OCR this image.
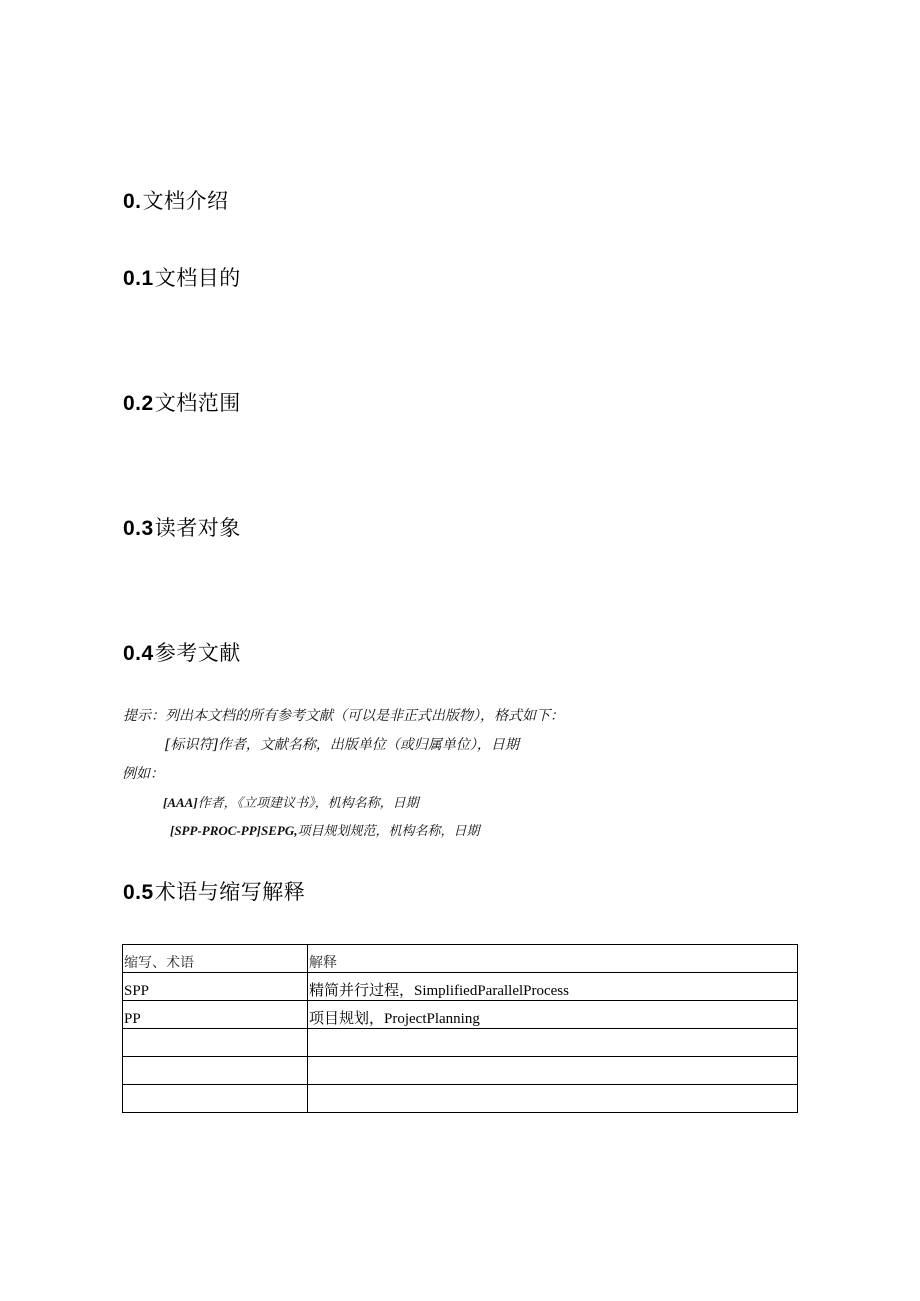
0.文档介绍
0.1文档目的
0.2文档范围
0.3读者对象
0.4参考文献
提示：列出本文档的所有参考文献（可以是非正式出版物），格式如下：
[标识符]作者，文献名称，出版单位（或归属单位），日期
例如：
[AAA]作者，《立项建议书》，机构名称，日期
[SPP-PROC-PP]SEPG,项目规划规范，机构名称，日期
0.5术语与缩写解释
缩写、术语	解释
SPP	精简并行过程，SimplifiedParallelProcess
PP	项目规划，ProjectPlanning
